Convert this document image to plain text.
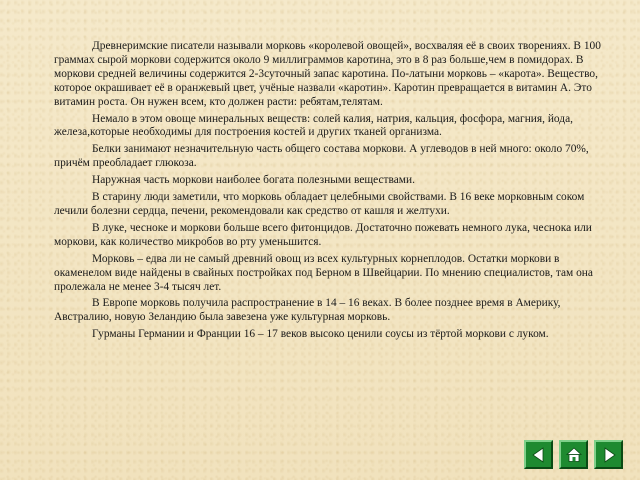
Древнеримские писатели называли морковь «королевой овощей», восхваляя её в своих творениях. В 100 граммах сырой моркови содержится около 9 миллиграммов каротина, это в 8 раз больше,чем в помидорах. В моркови средней величины содержится 2-3суточный запас каротина. По-латыни морковь – «карота». Вещество, которое окрашивает её в оранжевый цвет, учёные назвали «каротин». Каротин превращается в витамин А. Это витамин роста. Он нужен всем, кто должен расти: ребятам,телятам.

Немало в этом овоще минеральных веществ: солей калия, натрия, кальция, фосфора, магния, йода, железа,которые необходимы для построения костей и других тканей организма.

Белки занимают незначительную часть общего состава моркови. А углеводов в ней много: около 70%, причём преобладает глюкоза.

Наружная часть моркови наиболее богата полезными веществами.

В старину люди заметили, что морковь обладает целебными свойствами. В 16 веке морковным соком лечили болезни сердца, печени, рекомендовали как средство от кашля и желтухи.

В луке, чесноке и моркови больше всего фитонцидов. Достаточно пожевать немного лука, чеснока или моркови, как количество микробов во рту уменьшится.

Морковь – едва ли не самый древний овощ из всех культурных корнеплодов. Остатки моркови в окаменелом виде найдены в свайных постройках под Берном в Швейцарии. По мнению специалистов, там она пролежала не менее 3-4 тысяч лет.

В Европе морковь получила распространение в 14 – 16 веках. В более позднее время в Америку, Австралию, новую Зеландию была завезена уже культурная морковь.

Гурманы Германии и Франции 16 – 17 веков высоко ценили соусы из тёртой моркови с луком.
